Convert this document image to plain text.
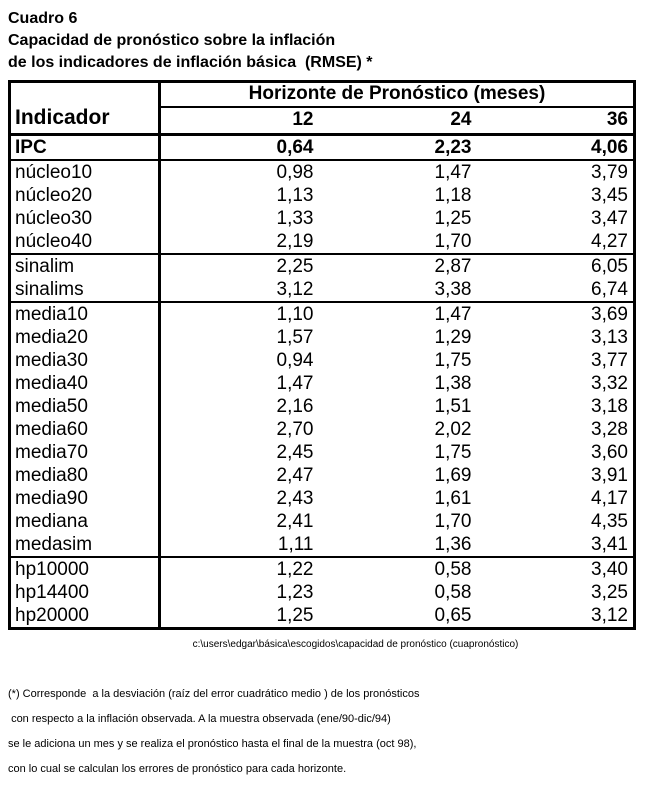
Cuadro 6
Capacidad de pronóstico sobre la inflación
de los indicadores de inflación básica  (RMSE) *
Indicador	Horizonte de Pronóstico (meses)		
	12	24	36
IPC	0,64	2,23	4,06
núcleo10	0,98	1,47	3,79
núcleo20	1,13	1,18	3,45
núcleo30	1,33	1,25	3,47
núcleo40	2,19	1,70	4,27
sinalim	2,25	2,87	6,05
sinalims	3,12	3,38	6,74
media10	1,10	1,47	3,69
media20	1,57	1,29	3,13
media30	0,94	1,75	3,77
media40	1,47	1,38	3,32
media50	2,16	1,51	3,18
media60	2,70	2,02	3,28
media70	2,45	1,75	3,60
media80	2,47	1,69	3,91
media90	2,43	1,61	4,17
mediana	2,41	1,70	4,35
medasim	1,11	1,36	3,41
hp10000	1,22	0,58	3,40
hp14400	1,23	0,58	3,25
hp20000	1,25	0,65	3,12
c:\users\edgar\básica\escogidos\capacidad de pronóstico (cuapronóstico)
(*) Corresponde  a la desviación (raíz del error cuadrático medio ) de los pronósticos
con respecto a la inflación observada. A la muestra observada (ene/90-dic/94)
se le adiciona un mes y se realiza el pronóstico hasta el final de la muestra (oct 98),
con lo cual se calculan los errores de pronóstico para cada horizonte.
